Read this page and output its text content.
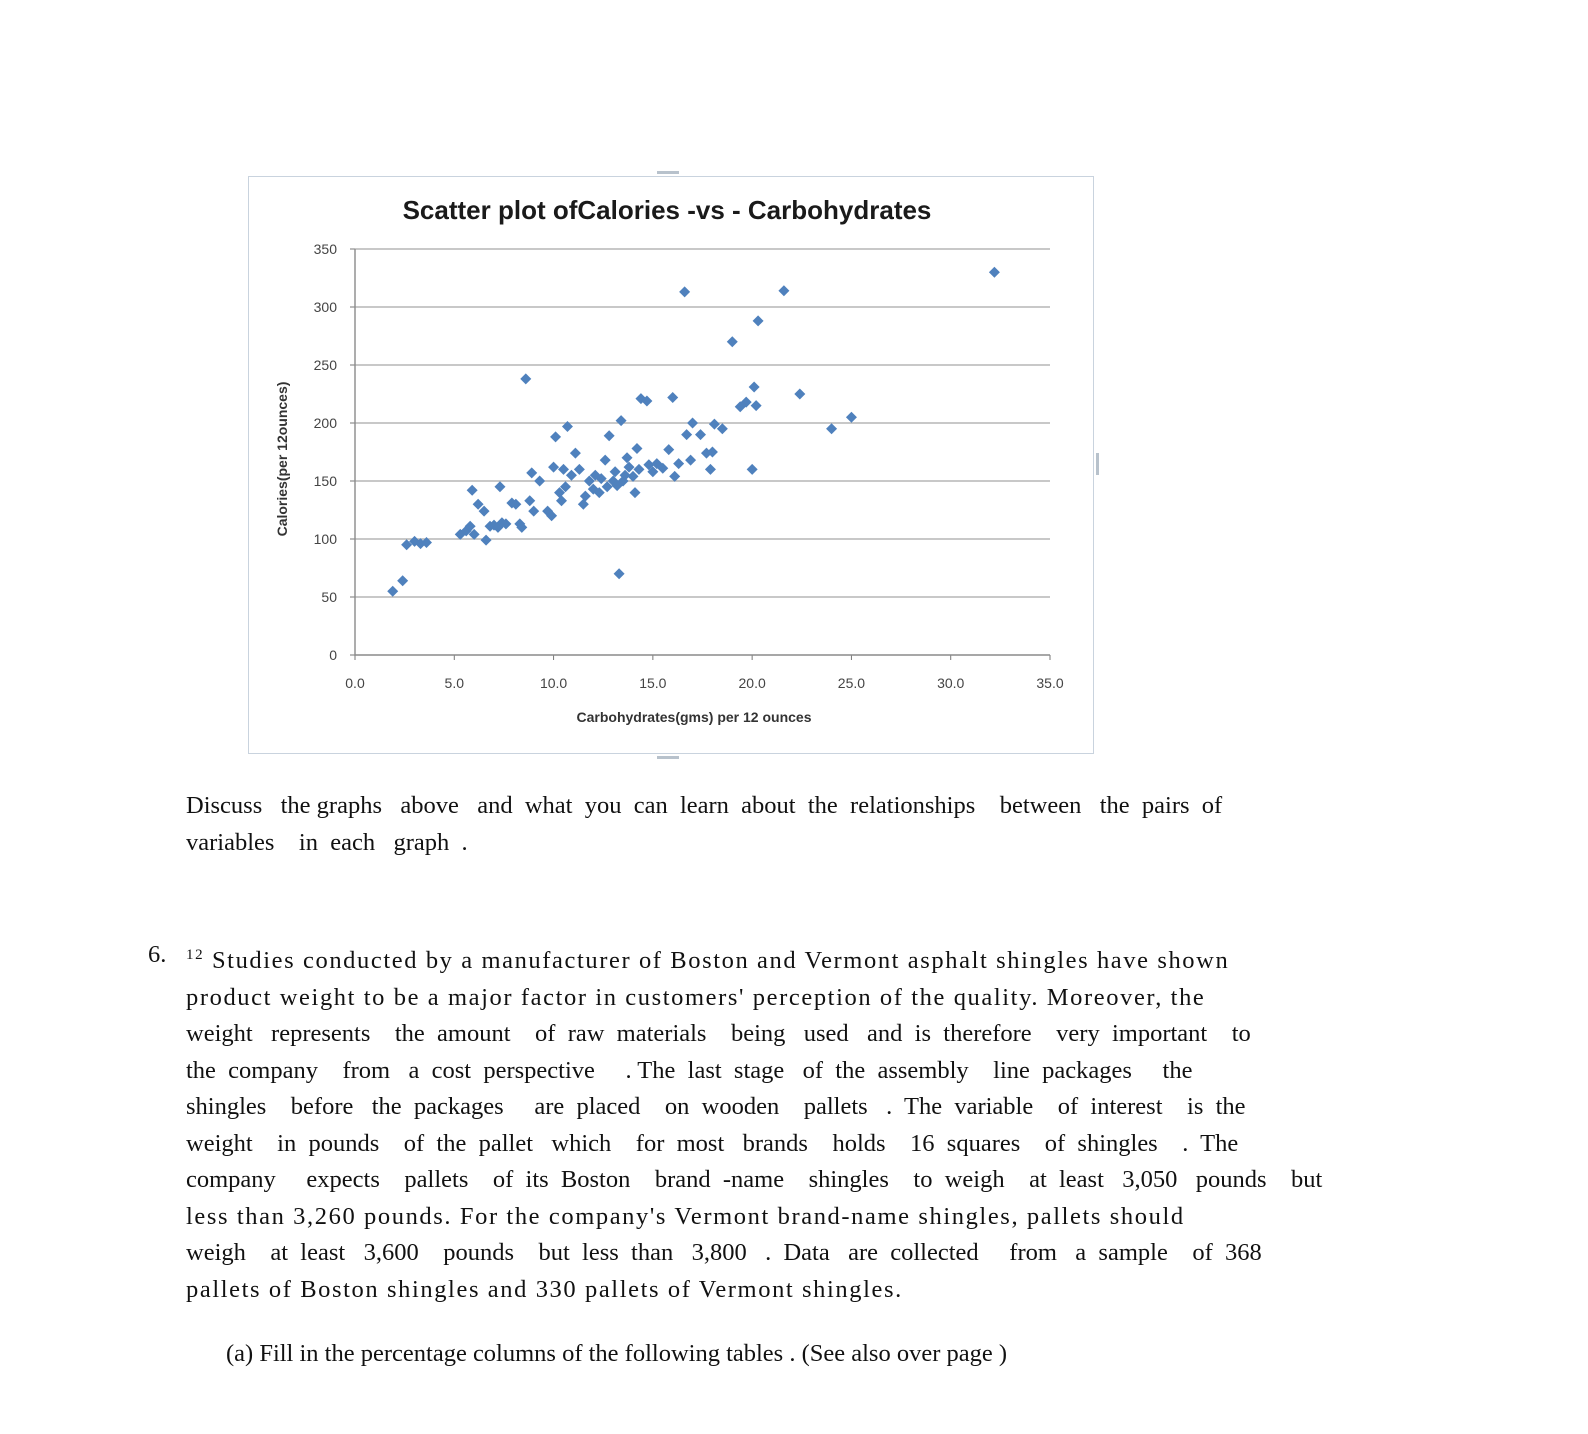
Scatter plot ofCalories -vs - Carbohydrates
0
50
100
150
200
250
300
350
0.0	5.0	10.0	15.0	20.0	25.0	30.0	35.0
Carbohydrates(gms) per 12 ounces
Calories(per 12ounces)
Discuss   the graphs   above   and  what  you  can  learn  about  the  relationships    between   the  pairs  of
variables    in  each   graph  .
6. $^{12}$ Studies conducted by a manufacturer of Boston and Vermont asphalt shingles have shown
product weight to be a major factor in customers' perception of the quality. Moreover, the
weight   represents    the  amount    of  raw  materials    being   used   and  is  therefore    very  important    to
the  company    from   a  cost  perspective     . The  last  stage   of  the  assembly    line  packages     the
shingles    before   the  packages     are  placed    on  wooden    pallets   .  The  variable    of  interest    is  the
weight    in  pounds    of  the  pallet   which    for  most   brands    holds    16  squares    of  shingles    .  The
company     expects    pallets    of  its  Boston    brand  -name    shingles    to  weigh    at  least   3,050   pounds    but
less than 3,260 pounds. For the company's Vermont brand-name shingles, pallets should
weigh    at  least   3,600    pounds    but  less  than   3,800   .  Data   are  collected     from   a  sample    of  368
pallets of Boston shingles and 330 pallets of Vermont shingles.
(a) Fill in the percentage columns of the following tables . (See also over page )
